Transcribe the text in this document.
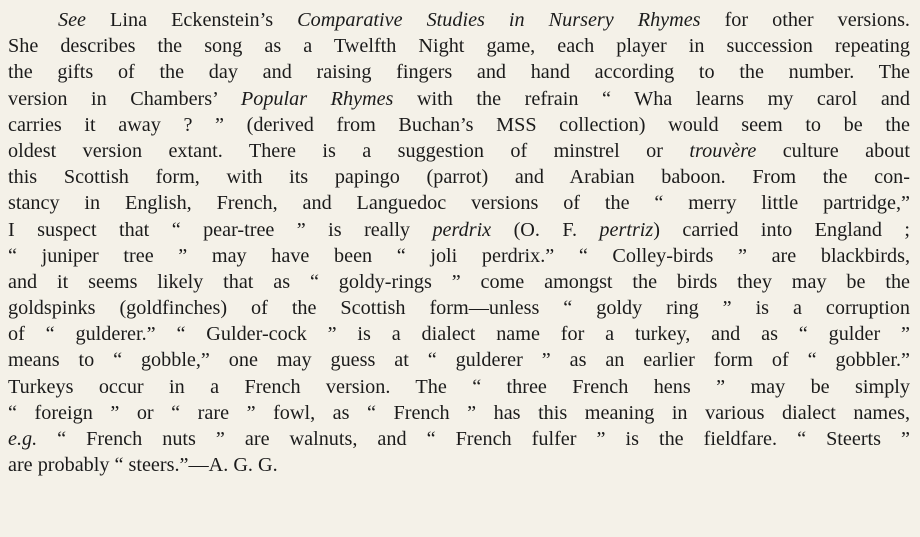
See Lina Eckenstein’s Comparative Studies in Nursery Rhymes for other versions.
She describes the song as a Twelfth Night game, each player in succession repeating
the gifts of the day and raising fingers and hand according to the number. The
version in Chambers’ Popular Rhymes with the refrain “ Wha learns my carol and
carries it away ? ” (derived from Buchan’s MSS collection) would seem to be the
oldest version extant. There is a suggestion of minstrel or trouvère culture about
this Scottish form, with its papingo (parrot) and Arabian baboon. From the con-
stancy in English, French, and Languedoc versions of the “ merry little partridge,”
I suspect that “ pear-tree ” is really perdrix (O. F. pertriz) carried into England ;
“ juniper tree ” may have been “ joli perdrix.” “ Colley-birds ” are blackbirds,
and it seems likely that as “ goldy-rings ” come amongst the birds they may be the
goldspinks (goldfinches) of the Scottish form—unless “ goldy ring ” is a corruption
of “ gulderer.” “ Gulder-cock ” is a dialect name for a turkey, and as “ gulder ”
means to “ gobble,” one may guess at “ gulderer ” as an earlier form of “ gobbler.”
Turkeys occur in a French version. The “ three French hens ” may be simply
“ foreign ” or “ rare ” fowl, as “ French ” has this meaning in various dialect names,
e.g. “ French nuts ” are walnuts, and “ French fulfer ” is the fieldfare. “ Steerts ”
are probably “ steers.”—A. G. G.
